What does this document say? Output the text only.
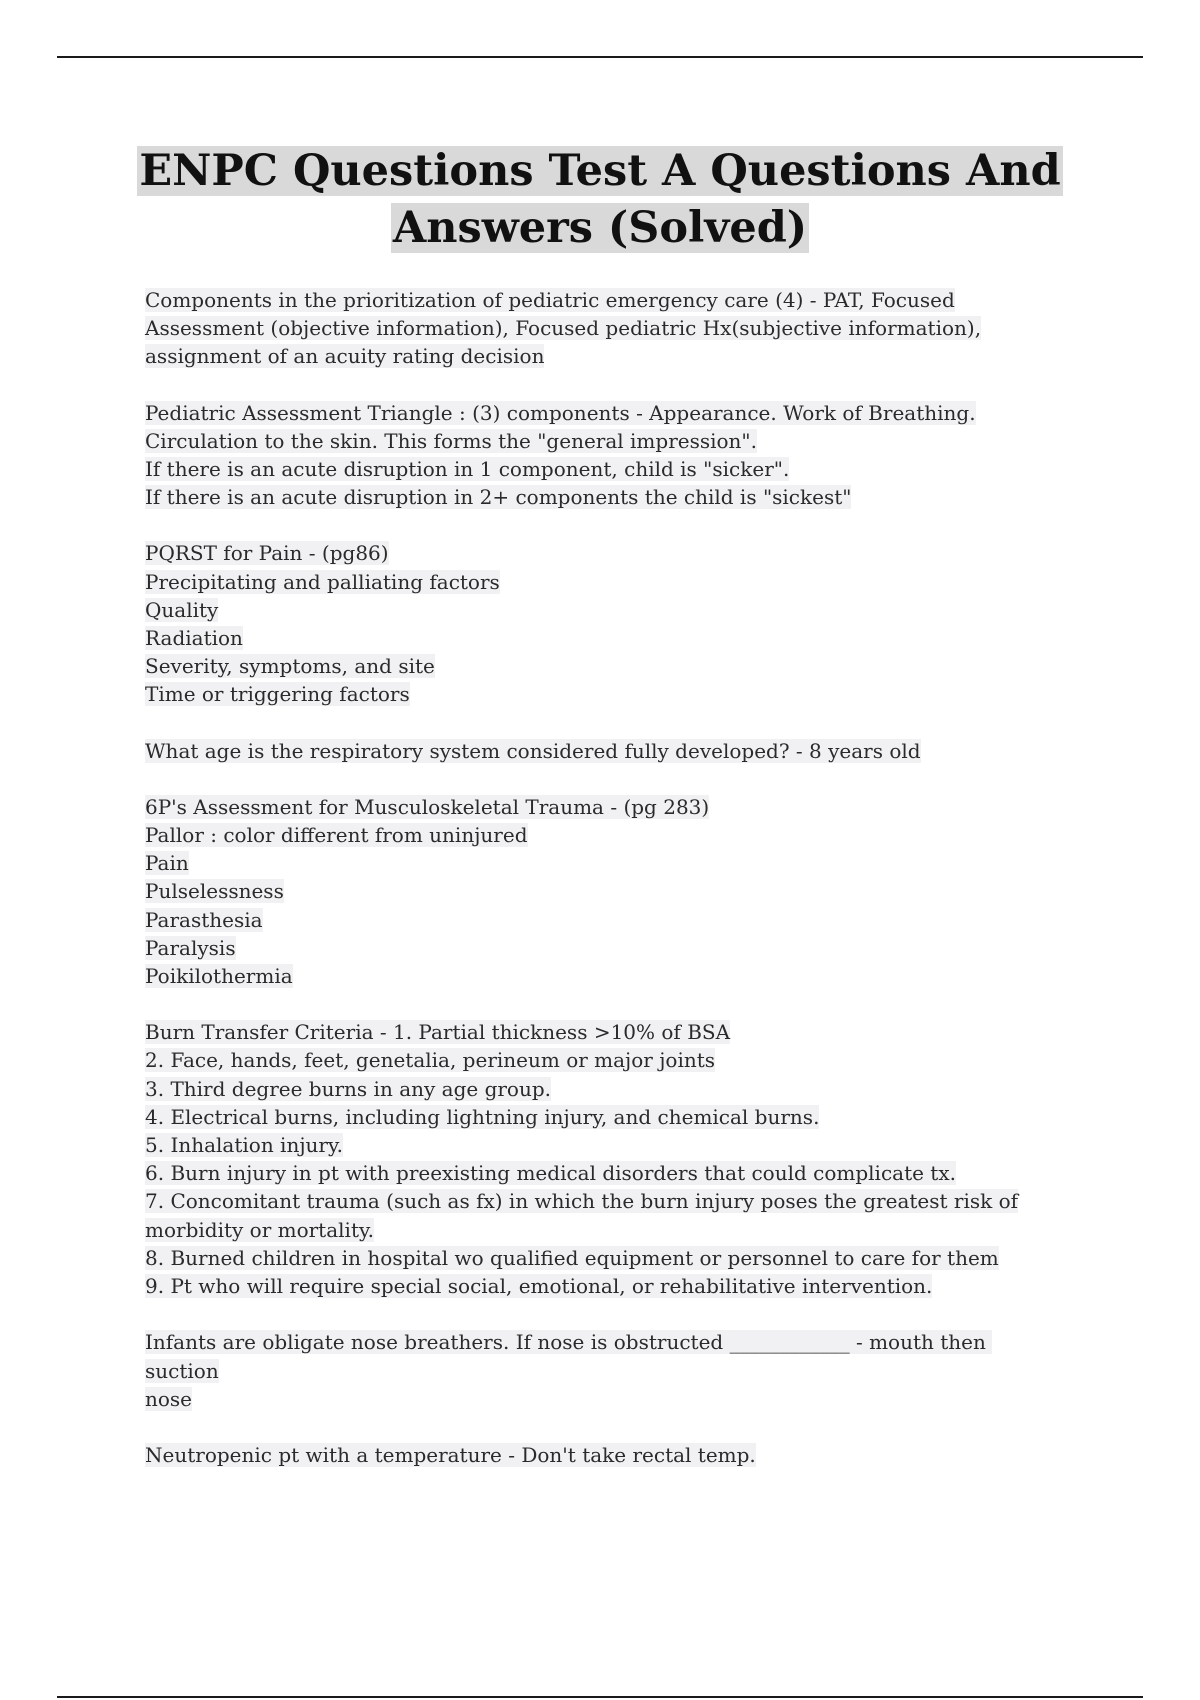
ENPC Questions Test A Questions And
Answers (Solved)
Components in the prioritization of pediatric emergency care (4) - PAT, Focused
Assessment (objective information), Focused pediatric Hx(subjective information),
assignment of an acuity rating decision
Pediatric Assessment Triangle : (3) components - Appearance. Work of Breathing.
Circulation to the skin. This forms the "general impression".
If there is an acute disruption in 1 component, child is "sicker".
If there is an acute disruption in 2+ components the child is "sickest"
PQRST for Pain - (pg86)
Precipitating and palliating factors
Quality
Radiation
Severity, symptoms, and site
Time or triggering factors
What age is the respiratory system considered fully developed? - 8 years old
6P's Assessment for Musculoskeletal Trauma - (pg 283)
Pallor : color different from uninjured
Pain
Pulselessness
Parasthesia
Paralysis
Poikilothermia
Burn Transfer Criteria - 1. Partial thickness >10% of BSA
2. Face, hands, feet, genetalia, perineum or major joints
3. Third degree burns in any age group.
4. Electrical burns, including lightning injury, and chemical burns.
5. Inhalation injury.
6. Burn injury in pt with preexisting medical disorders that could complicate tx.
7. Concomitant trauma (such as fx) in which the burn injury poses the greatest risk of
morbidity or mortality.
8. Burned children in hospital wo qualified equipment or personnel to care for them
9. Pt who will require special social, emotional, or rehabilitative intervention.
Infants are obligate nose breathers. If nose is obstructed ____________ - mouth then suction
nose
Neutropenic pt with a temperature - Don't take rectal temp.
